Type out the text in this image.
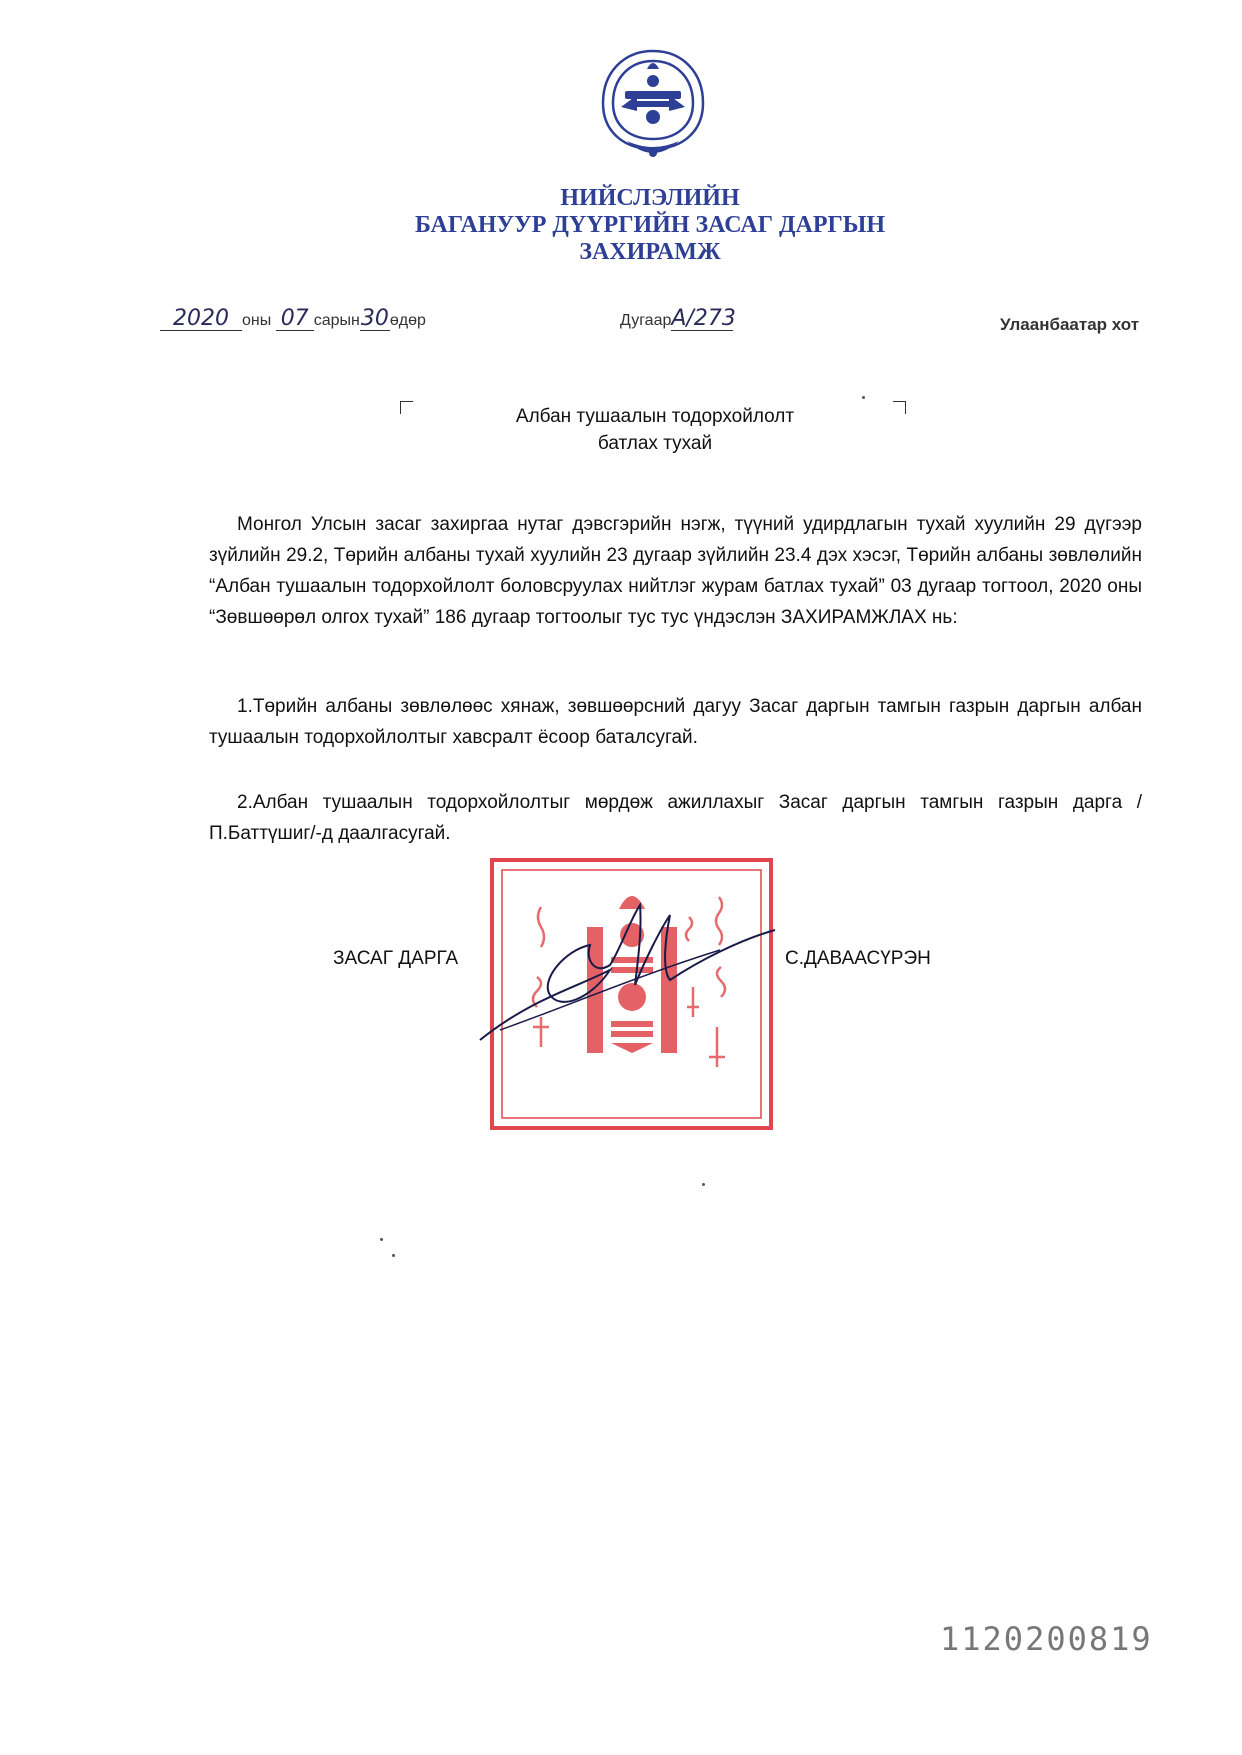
НИЙСЛЭЛИЙН
БАГАНУУР ДҮҮРГИЙН ЗАСАГ ДАРГЫН
ЗАХИРАМЖ
2020 оны 07 сарын30өдөр	ДугаарА/273	Улаанбаатар хот
Албан тушаалын тодорхойлолт
батлах тухай
Монгол Улсын засаг захиргаа нутаг дэвсгэрийн нэгж, түүний удирдлагын тухай хуулийн 29 дүгээр зүйлийн 29.2, Төрийн албаны тухай хуулийн 23 дугаар зүйлийн 23.4 дэх хэсэг, Төрийн албаны зөвлөлийн “Албан тушаалын тодорхойлолт боловсруулах нийтлэг журам батлах тухай” 03 дугаар тогтоол, 2020 оны “Зөвшөөрөл олгох тухай” 186 дугаар тогтоолыг тус тус үндэслэн ЗАХИРАМЖЛАХ нь:
1.Төрийн албаны зөвлөлөөс хянаж, зөвшөөрсний дагуу Засаг даргын тамгын газрын даргын албан тушаалын тодорхойлолтыг хавсралт ёсоор баталсугай.
2.Албан тушаалын тодорхойлолтыг мөрдөж ажиллахыг Засаг даргын тамгын газрын дарга /П.Баттүшиг/-д даалгасугай.
ЗАСАГ ДАРГА	С.ДАВААСҮРЭН
1120200819
